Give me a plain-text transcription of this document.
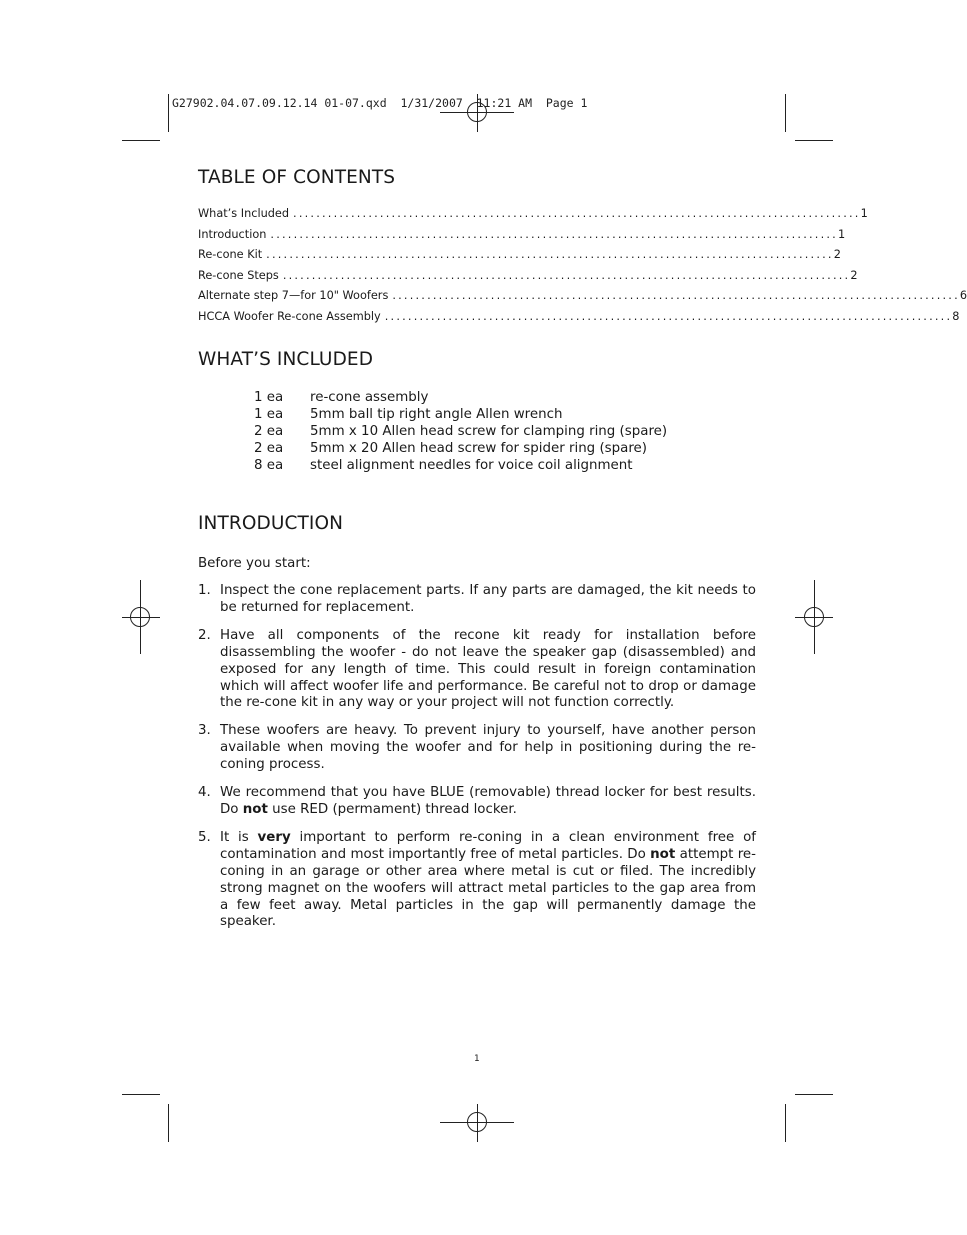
G27902.04.07.09.12.14 01-07.qxd  1/31/2007  11:21 AM  Page 1
TABLE OF CONTENTS
What’s Included .................................................................................................. 1
Introduction .................................................................................................. 1
Re-cone Kit .................................................................................................. 2
Re-cone Steps .................................................................................................. 2
Alternate step 7—for 10" Woofers .................................................................................................. 6
HCCA Woofer Re-cone Assembly .................................................................................................. 8
WHAT’S INCLUDED
1 ea	re-cone assembly
1 ea	5mm ball tip right angle Allen wrench
2 ea	5mm x 10 Allen head screw for clamping ring (spare)
2 ea	5mm x 20 Allen head screw for spider ring (spare)
8 ea	steel alignment needles for voice coil alignment
INTRODUCTION
Before you start:
1. Inspect the cone replacement parts. If any parts are damaged, the kit needs to be returned for replacement.
2. Have all components of the recone kit ready for installation before disassembling the woofer - do not leave the speaker gap (disassembled) and exposed for any length of time. This could result in foreign contamination which will affect woofer life and performance. Be careful not to drop or damage the re-cone kit in any way or your project will not function correctly.
3. These woofers are heavy. To prevent injury to yourself, have another person available when moving the woofer and for help in positioning during the re-coning process.
4. We recommend that you have BLUE (removable) thread locker for best results. Do not use RED (permament) thread locker.
5. It is very important to perform re-coning in a clean environment free of contamination and most importantly free of metal particles. Do not attempt re-coning in an garage or other area where metal is cut or filed. The incredibly strong magnet on the woofers will attract metal particles to the gap area from a few feet away. Metal particles in the gap will permanently damage the speaker.
1
